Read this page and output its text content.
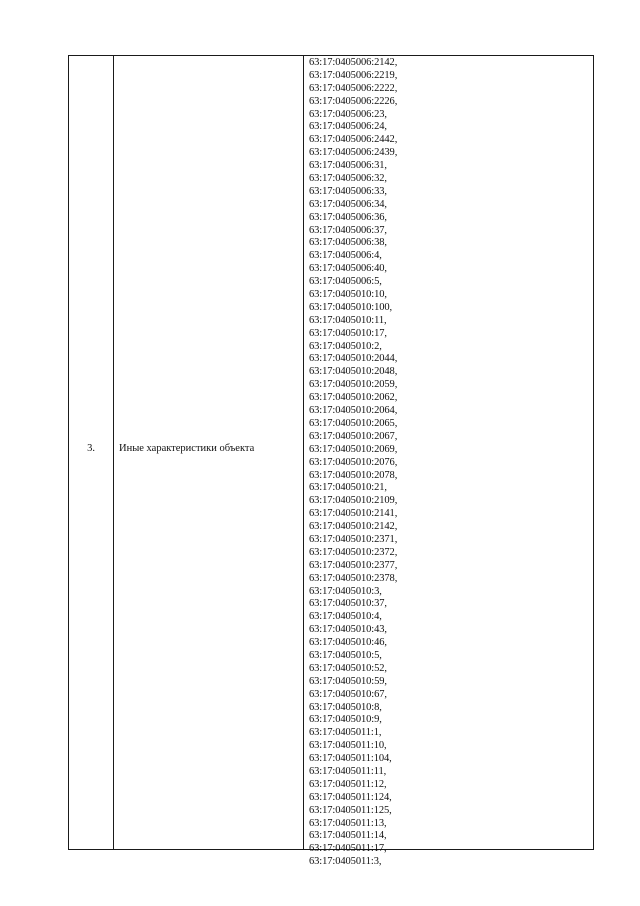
3.	Иные характеристики объекта
63:17:0405006:2142,
63:17:0405006:2219,
63:17:0405006:2222,
63:17:0405006:2226,
63:17:0405006:23,
63:17:0405006:24,
63:17:0405006:2442,
63:17:0405006:2439,
63:17:0405006:31,
63:17:0405006:32,
63:17:0405006:33,
63:17:0405006:34,
63:17:0405006:36,
63:17:0405006:37,
63:17:0405006:38,
63:17:0405006:4,
63:17:0405006:40,
63:17:0405006:5,
63:17:0405010:10,
63:17:0405010:100,
63:17:0405010:11,
63:17:0405010:17,
63:17:0405010:2,
63:17:0405010:2044,
63:17:0405010:2048,
63:17:0405010:2059,
63:17:0405010:2062,
63:17:0405010:2064,
63:17:0405010:2065,
63:17:0405010:2067,
63:17:0405010:2069,
63:17:0405010:2076,
63:17:0405010:2078,
63:17:0405010:21,
63:17:0405010:2109,
63:17:0405010:2141,
63:17:0405010:2142,
63:17:0405010:2371,
63:17:0405010:2372,
63:17:0405010:2377,
63:17:0405010:2378,
63:17:0405010:3,
63:17:0405010:37,
63:17:0405010:4,
63:17:0405010:43,
63:17:0405010:46,
63:17:0405010:5,
63:17:0405010:52,
63:17:0405010:59,
63:17:0405010:67,
63:17:0405010:8,
63:17:0405010:9,
63:17:0405011:1,
63:17:0405011:10,
63:17:0405011:104,
63:17:0405011:11,
63:17:0405011:12,
63:17:0405011:124,
63:17:0405011:125,
63:17:0405011:13,
63:17:0405011:14,
63:17:0405011:17,
63:17:0405011:3,
